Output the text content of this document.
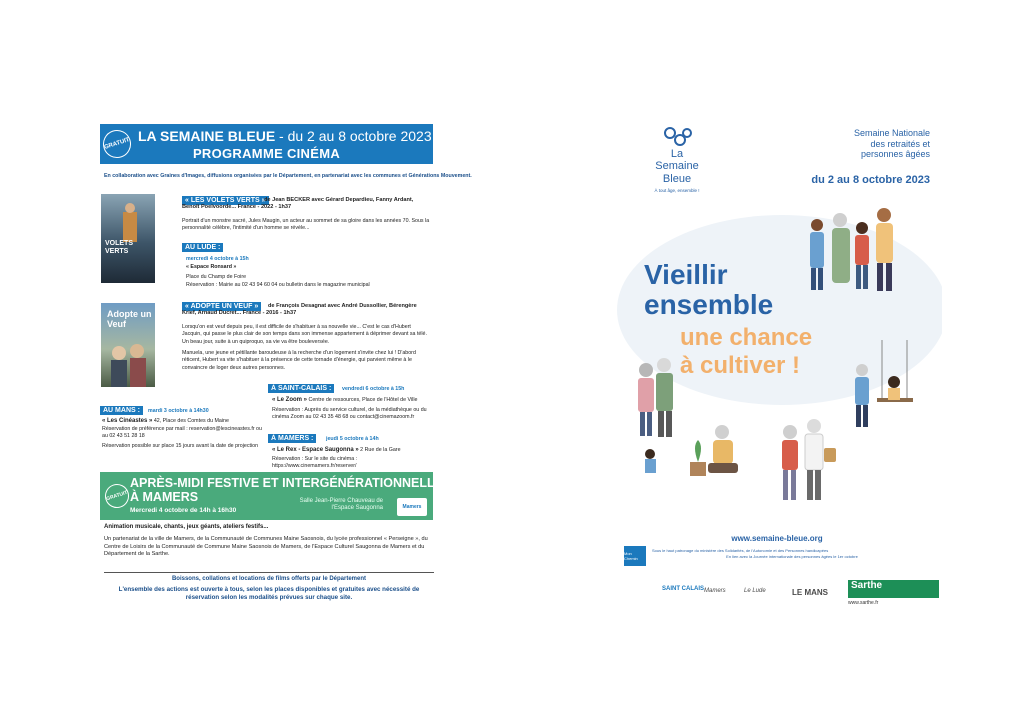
GRATUIT LA SEMAINE BLEUE - du 2 au 8 octobre 2023
PROGRAMME CINÉMA
En collaboration avec Graines d'Images, diffusions organisées par le Département, en partenariat avec les communes et Générations Mouvement.
VOLETS VERTS
« LES VOLETS VERTS »
de Jean BECKER avec Gérard Depardieu, Fanny Ardant, Benoît Poelvoorde... France - 2022 - 1h37
Portrait d'un monstre sacré, Jules Maugin, un acteur au sommet de sa gloire dans les années 70. Sous la personnalité célèbre, l'intimité d'un homme se révèle...
AU LUDE :
mercredi 4 octobre à 15h
« Espace Ronsard »
Place du Champ de Foire
Réservation : Mairie au 02 43 94 60 04 ou bulletin dans le magazine municipal
Adopte un Veuf
« ADOPTE UN VEUF »	de François Desagnat avec André Dussollier, Bérengère Krief, Arnaud Ducret... France - 2016 - 1h37
Lorsqu'on est veuf depuis peu, il est difficile de s'habituer à sa nouvelle vie... C'est le cas d'Hubert Jacquin, qui passe le plus clair de son temps dans son immense appartement à déprimer devant sa télé. Un beau jour, suite à un quiproquo, sa vie va être bouleversée.
Manuela, une jeune et pétillante baroudeuse à la recherche d'un logement s'invite chez lui ! D'abord réticent, Hubert va vite s'habituer à la présence de cette tornade d'énergie, qui parvient même à le convaincre de loger deux autres personnes.
À SAINT-CALAIS :	vendredi 6 octobre à 15h
« Le Zoom » Centre de ressources, Place de l'Hôtel de Ville
Réservation : Auprès du service culturel, de la médiathèque ou du cinéma Zoom au 02 43 35 48 68 ou contact@cinemazoom.fr
AU MANS :	mardi 3 octobre à 14h30
« Les Cinéastes » 42, Place des Comtes du Maine
Réservation de préférence par mail : reservation@lescineastes.fr ou au 02 43 51 28 18
Réservation possible sur place 15 jours avant la date de projection
À MAMERS :	jeudi 5 octobre à 14h
« Le Rex - Espace Saugonna » 2 Rue de la Gare
Réservation : Sur le site du cinéma : https://www.cinemamers.fr/reserver/
GRATUIT
APRÈS-MIDI FESTIVE ET INTERGÉNÉRATIONNELLE
À MAMERS
Mercredi 4 octobre de 14h à 16h30
Salle Jean-Pierre Chauveau de
l'Espace Saugonna	Mamers
Animation musicale, chants, jeux géants, ateliers festifs...
Un partenariat de la ville de Mamers, de la Communauté de Communes Maine Saosnois, du lycée professionnel « Perseigne », du Centre de Loisirs de la Communauté de Commune Maine Saosnois de Mamers, de l'Espace Culturel Saugonna de Mamers et du Département de la Sarthe.
Boissons, collations et locations de films offerts par le Département
L'ensemble des actions est ouverte à tous, selon les places disponibles et gratuites avec nécessité de réservation selon les modalités prévues sur chaque site.
La
Semaine
Bleue
À tout âge, ensemble !
Semaine Nationale
des retraités et
personnes âgées
du 2 au 8 octobre 2023
Vieillir
ensemble
une chance
à cultiver !
www.semaine-bleue.org
Mon Chemin
Sous le haut patronage du ministère des Solidarités, de l'Autonomie et des Personnes handicapées
En lien avec la Journée internationale des personnes âgées le 1er octobre
SAINT CALAIS Mamers	Le Lude	LE MANS
Sarthe
www.sarthe.fr
